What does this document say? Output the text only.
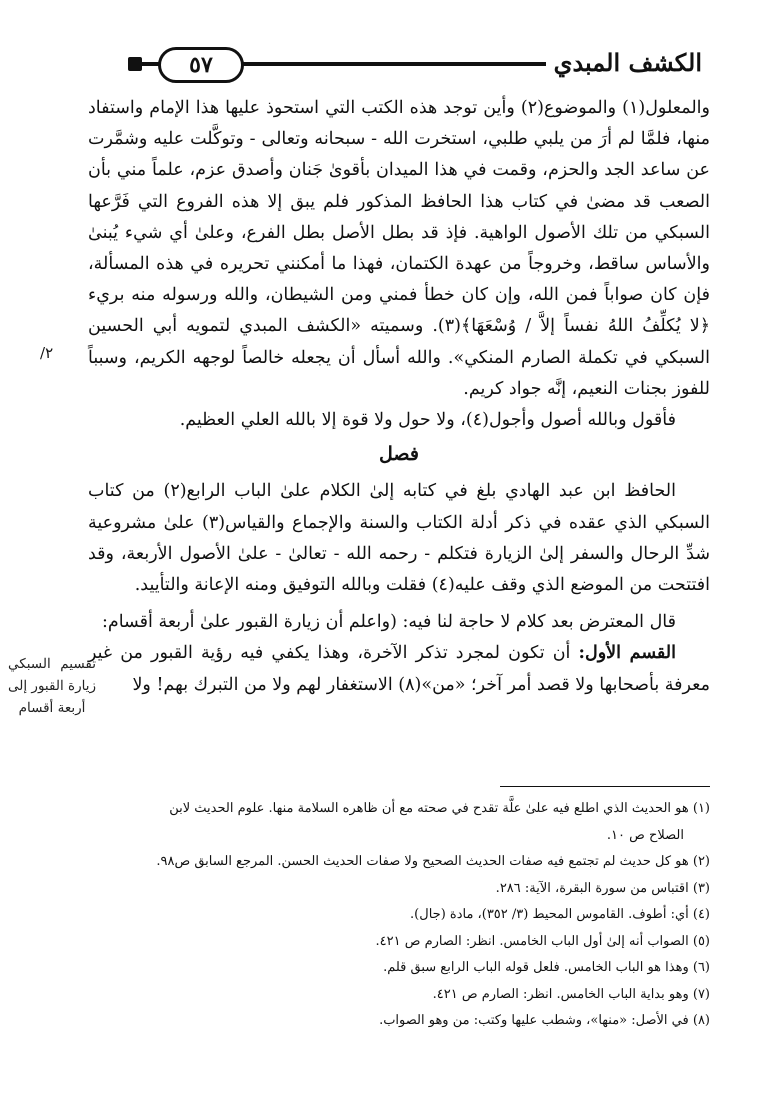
الكشف المبدي
٥٧

والمعلول(١) والموضوع(٢) وأين توجد هذه الكتب التي استحوذ عليها هذا الإمام واستفاد منها، فلمَّا لم أرَ من يلبي طلبي، استخرت الله - سبحانه وتعالى - وتوكَّلت عليه وشمَّرت عن ساعد الجد والحزم، وقمت في هذا الميدان بأقوىٰ جَنان وأصدق عزم، علماً مني بأن الصعب قد مضىٰ في كتاب هذا الحافظ المذكور فلم يبق إلا هذه الفروع التي فَرَّعها السبكي من تلك الأصول الواهية. فإذ قد بطل الأصل بطل الفرع، وعلىٰ أي شيء يُبنىٰ والأساس ساقط، وخروجاً من عهدة الكتمان، فهذا ما أمكنني تحريره في هذه المسألة، فإن كان صواباً فمن الله، وإن كان خطأ فمني ومن الشيطان، والله ورسوله منه بريء ﴿لا يُكلِّفُ اللهُ نفساً إلاَّ / وُسْعَهَا﴾(٣). وسميته «الكشف المبدي لتمويه أبي الحسين السبكي في تكملة الصارم المنكي». والله أسأل أن يجعله خالصاً لوجهه الكريم، وسبباً للفوز بجنات النعيم، إنَّه جواد كريم.

فأقول وبالله أصول وأجول(٤)، ولا حول ولا قوة إلا بالله العلي العظيم.

فصل

الحافظ ابن عبد الهادي بلغ في كتابه إلىٰ الكلام علىٰ الباب الرابع(٢) من كتاب السبكي الذي عقده في ذكر أدلة الكتاب والسنة والإجماع والقياس(٣) علىٰ مشروعية شدِّ الرحال والسفر إلىٰ الزيارة فتكلم - رحمه الله - تعالىٰ - علىٰ الأصول الأربعة، وقد افتتحت من الموضع الذي وقف عليه(٤) فقلت وبالله التوفيق ومنه الإعانة والتأييد.

قال المعترض بعد كلام لا حاجة لنا فيه: (واعلم أن زيارة القبور علىٰ أربعة أقسام:

القسم الأول: أن تكون لمجرد تذكر الآخرة، وهذا يكفي فيه رؤية القبور من غير معرفة بأصحابها ولا قصد أمر آخر؛ «من»(٨) الاستغفار لهم ولا من التبرك بهم! ولا

٢/
تقسيم السبكي زيارة القبور إلى أربعة أقسام

(١) هو الحديث الذي اطلع فيه علىٰ علَّة تقدح في صحته مع أن ظاهره السلامة منها. علوم الحديث لابن

الصلاح ص ١٠.

(٢) هو كل حديث لم تجتمع فيه صفات الحديث الصحيح ولا صفات الحديث الحسن. المرجع السابق ص٩٨.

(٣) اقتباس من سورة البقرة، الآية: ٢٨٦.

(٤) أي: أطوف. القاموس المحيط (٣/ ٣٥٢)، مادة (جال).

(٥) الصواب أنه إلىٰ أول الباب الخامس. انظر: الصارم ص ٤٢١.

(٦) وهذا هو الباب الخامس. فلعل قوله الباب الرابع سبق قلم.

(٧) وهو بداية الباب الخامس. انظر: الصارم ص ٤٢١.

(٨) في الأصل: «منها»، وشطب عليها وكتب: من وهو الصواب.
